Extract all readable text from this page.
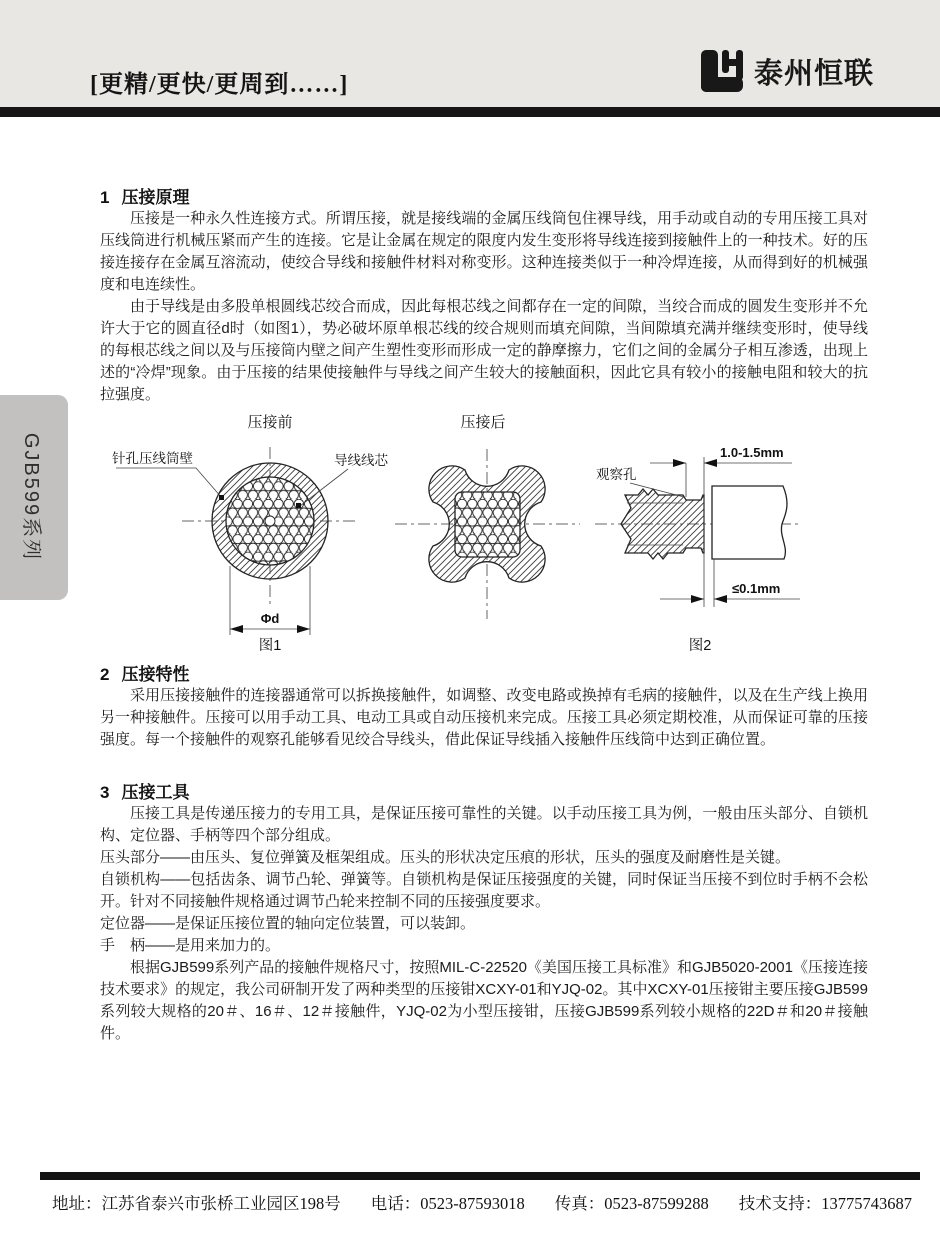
[更精/更快/更周到……]	泰州恒联
GJB599系列
1 压接原理

压接是一种永久性连接方式。所谓压接，就是接线端的金属压线筒包住裸导线，用手动或自动的专用压接工具对压线筒进行机械压紧而产生的连接。它是让金属在规定的限度内发生变形将导线连接到接触件上的一种技术。好的压接连接存在金属互溶流动，使绞合导线和接触件材料对称变形。这种连接类似于一种冷焊连接，从而得到好的机械强度和电连续性。

由于导线是由多股单根圆线芯绞合而成，因此每根芯线之间都存在一定的间隙，当绞合而成的圆发生变形并不允许大于它的圆直径d时（如图1），势必破坏原单根芯线的绞合规则而填充间隙，当间隙填充满并继续变形时，使导线的每根芯线之间以及与压接筒内壁之间产生塑性变形而形成一定的静摩擦力，它们之间的金属分子相互渗透，出现上述的“冷焊”现象。由于压接的结果使接触件与导线之间产生较大的接触面积，因此它具有较小的接触电阻和较大的抗拉强度。

压接前
针孔压线筒壁	导线线芯
Φd
图1
压接后
观察孔
1.0-1.5mm
≤0.1mm
图2
2 压接特性

采用压接接触件的连接器通常可以拆换接触件，如调整、改变电路或换掉有毛病的接触件，以及在生产线上换用另一种接触件。压接可以用手动工具、电动工具或自动压接机来完成。压接工具必须定期校准，从而保证可靠的压接强度。每一个接触件的观察孔能够看见绞合导线头，借此保证导线插入接触件压线筒中达到正确位置。

3 压接工具

压接工具是传递压接力的专用工具，是保证压接可靠性的关键。以手动压接工具为例，一般由压头部分、自锁机构、定位器、手柄等四个部分组成。

压头部分——由压头、复位弹簧及框架组成。压头的形状决定压痕的形状，压头的强度及耐磨性是关键。

自锁机构——包括齿条、调节凸轮、弹簧等。自锁机构是保证压接强度的关键，同时保证当压接不到位时手柄不会松开。针对不同接触件规格通过调节凸轮来控制不同的压接强度要求。

定位器——是保证压接位置的轴向定位装置，可以装卸。

手　柄——是用来加力的。

根据GJB599系列产品的接触件规格尺寸，按照MIL-C-22520《美国压接工具标准》和GJB5020-2001《压接连接技术要求》的规定，我公司研制开发了两种类型的压接钳XCXY-01和YJQ-02。其中XCXY-01压接钳主要压接GJB599系列较大规格的20＃、16＃、12＃接触件，YJQ-02为小型压接钳，压接GJB599系列较小规格的22D＃和20＃接触件。

地址：江苏省泰兴市张桥工业园区198号 电话：0523-87593018 传真：0523-87599288 技术支持：13775743687
